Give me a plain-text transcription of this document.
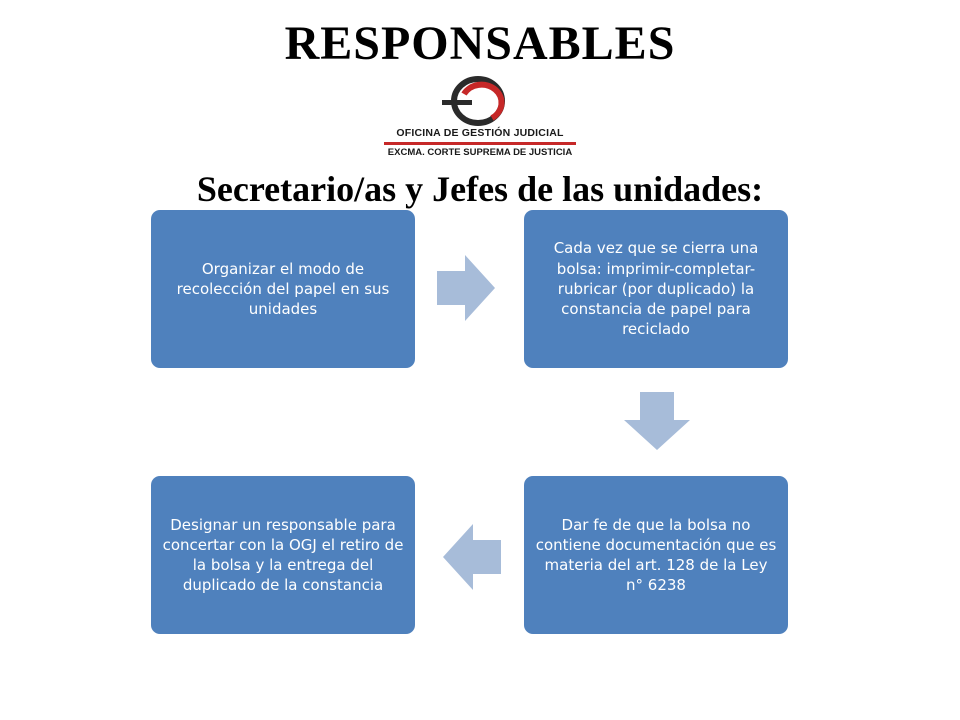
RESPONSABLES
OFICINA DE GESTIÓN JUDICIAL
EXCMA. CORTE SUPREMA DE JUSTICIA
Secretario/as y Jefes de las unidades:
Organizar el modo de recolección del papel en sus unidades
Cada vez que se cierra una bolsa: imprimir-completar-rubricar (por duplicado) la constancia de papel para reciclado
Dar fe de que la bolsa no contiene documentación que es materia del art. 128 de la Ley n° 6238
Designar un responsable para concertar con la OGJ el retiro de la bolsa y la entrega del duplicado de la constancia
